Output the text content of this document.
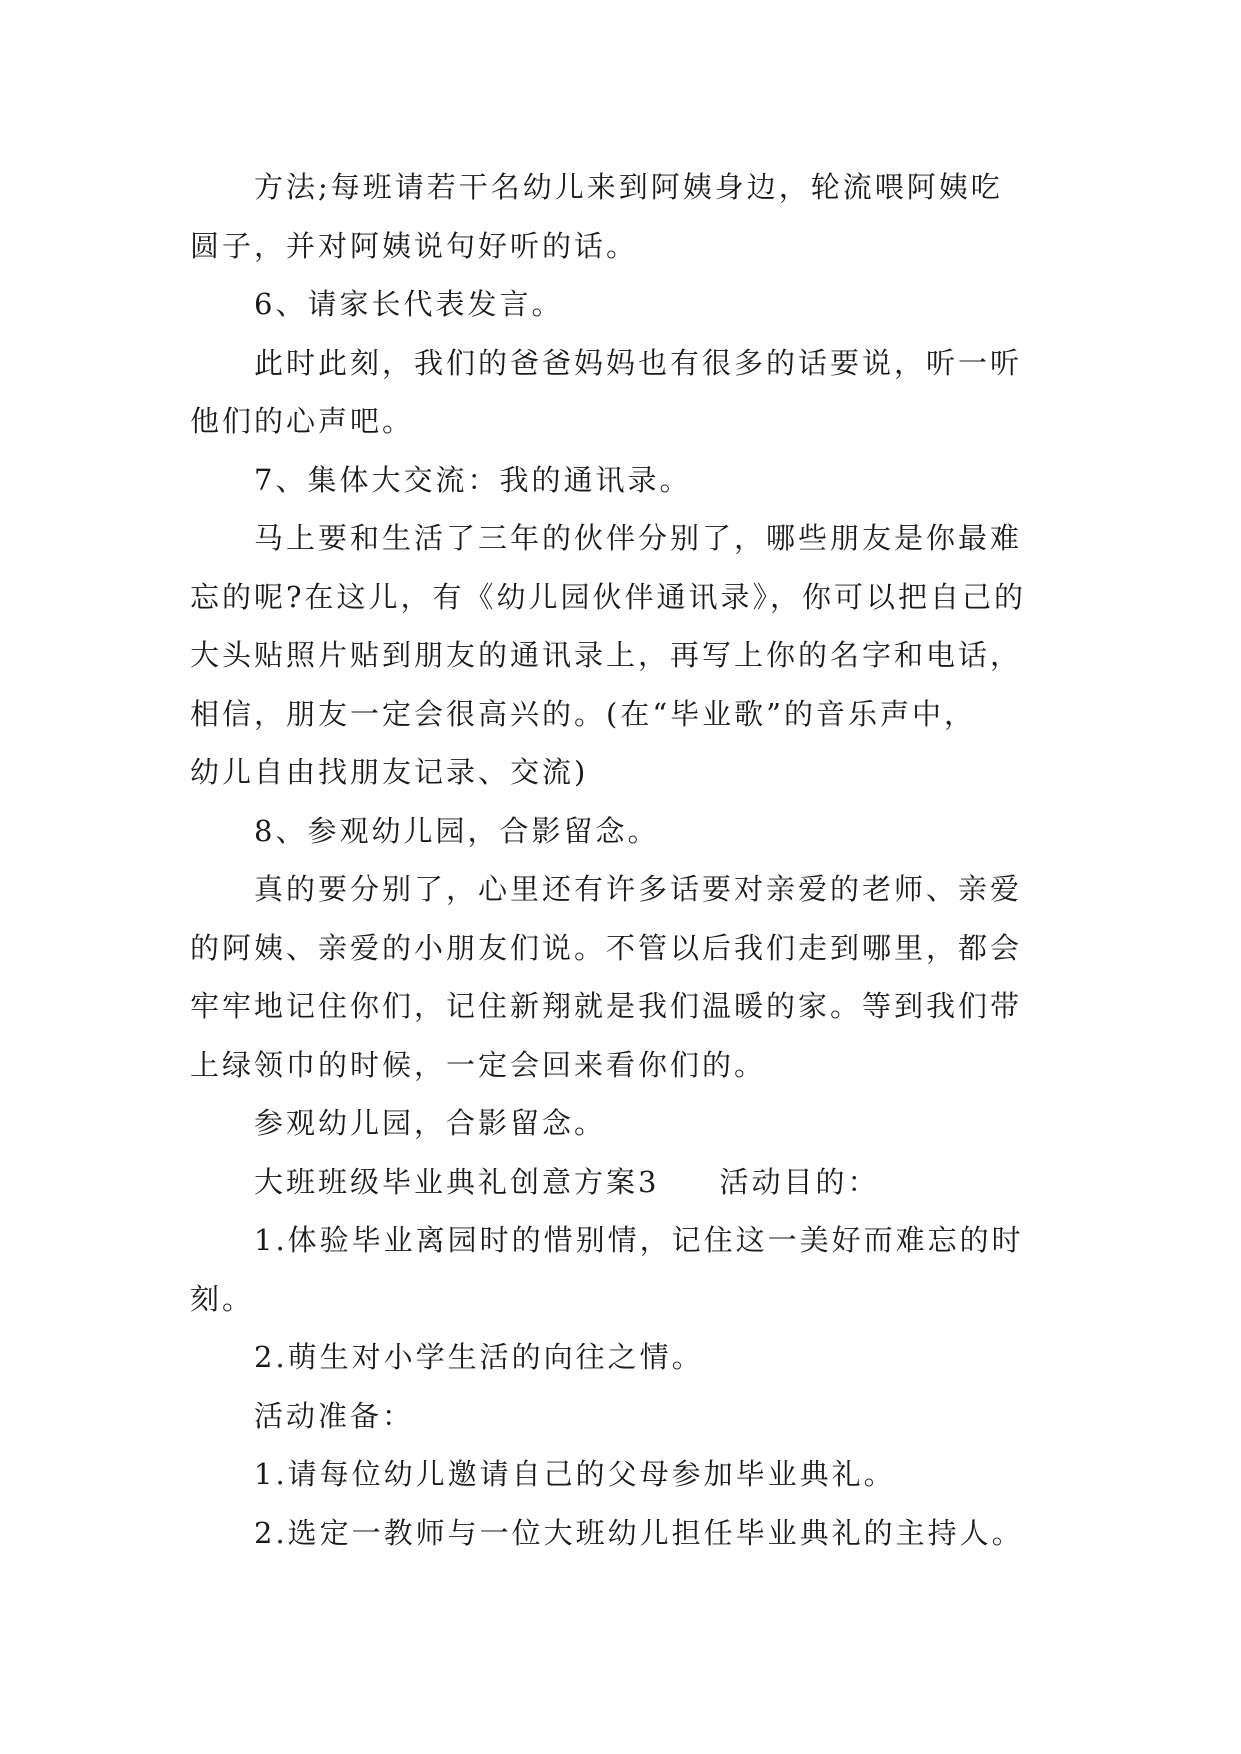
方法;每班请若干名幼儿来到阿姨身边，轮流喂阿姨吃

圆子，并对阿姨说句好听的话。

6、请家长代表发言。

此时此刻，我们的爸爸妈妈也有很多的话要说，听一听

他们的心声吧。

7、集体大交流：我的通讯录。

马上要和生活了三年的伙伴分别了，哪些朋友是你最难

忘的呢?在这儿，有《幼儿园伙伴通讯录》，你可以把自己的

大头贴照片贴到朋友的通讯录上，再写上你的名字和电话，

相信，朋友一定会很高兴的。(在“毕业歌”的音乐声中，

幼儿自由找朋友记录、交流)

8、参观幼儿园，合影留念。

真的要分别了，心里还有许多话要对亲爱的老师、亲爱

的阿姨、亲爱的小朋友们说。不管以后我们走到哪里，都会

牢牢地记住你们，记住新翔就是我们温暖的家。等到我们带

上绿领巾的时候，一定会回来看你们的。

参观幼儿园，合影留念。

大班班级毕业典礼创意方案3 活动目的：

1.体验毕业离园时的惜别情，记住这一美好而难忘的时

刻。

2.萌生对小学生活的向往之情。

活动准备：

1.请每位幼儿邀请自己的父母参加毕业典礼。

2.选定一教师与一位大班幼儿担任毕业典礼的主持人。
